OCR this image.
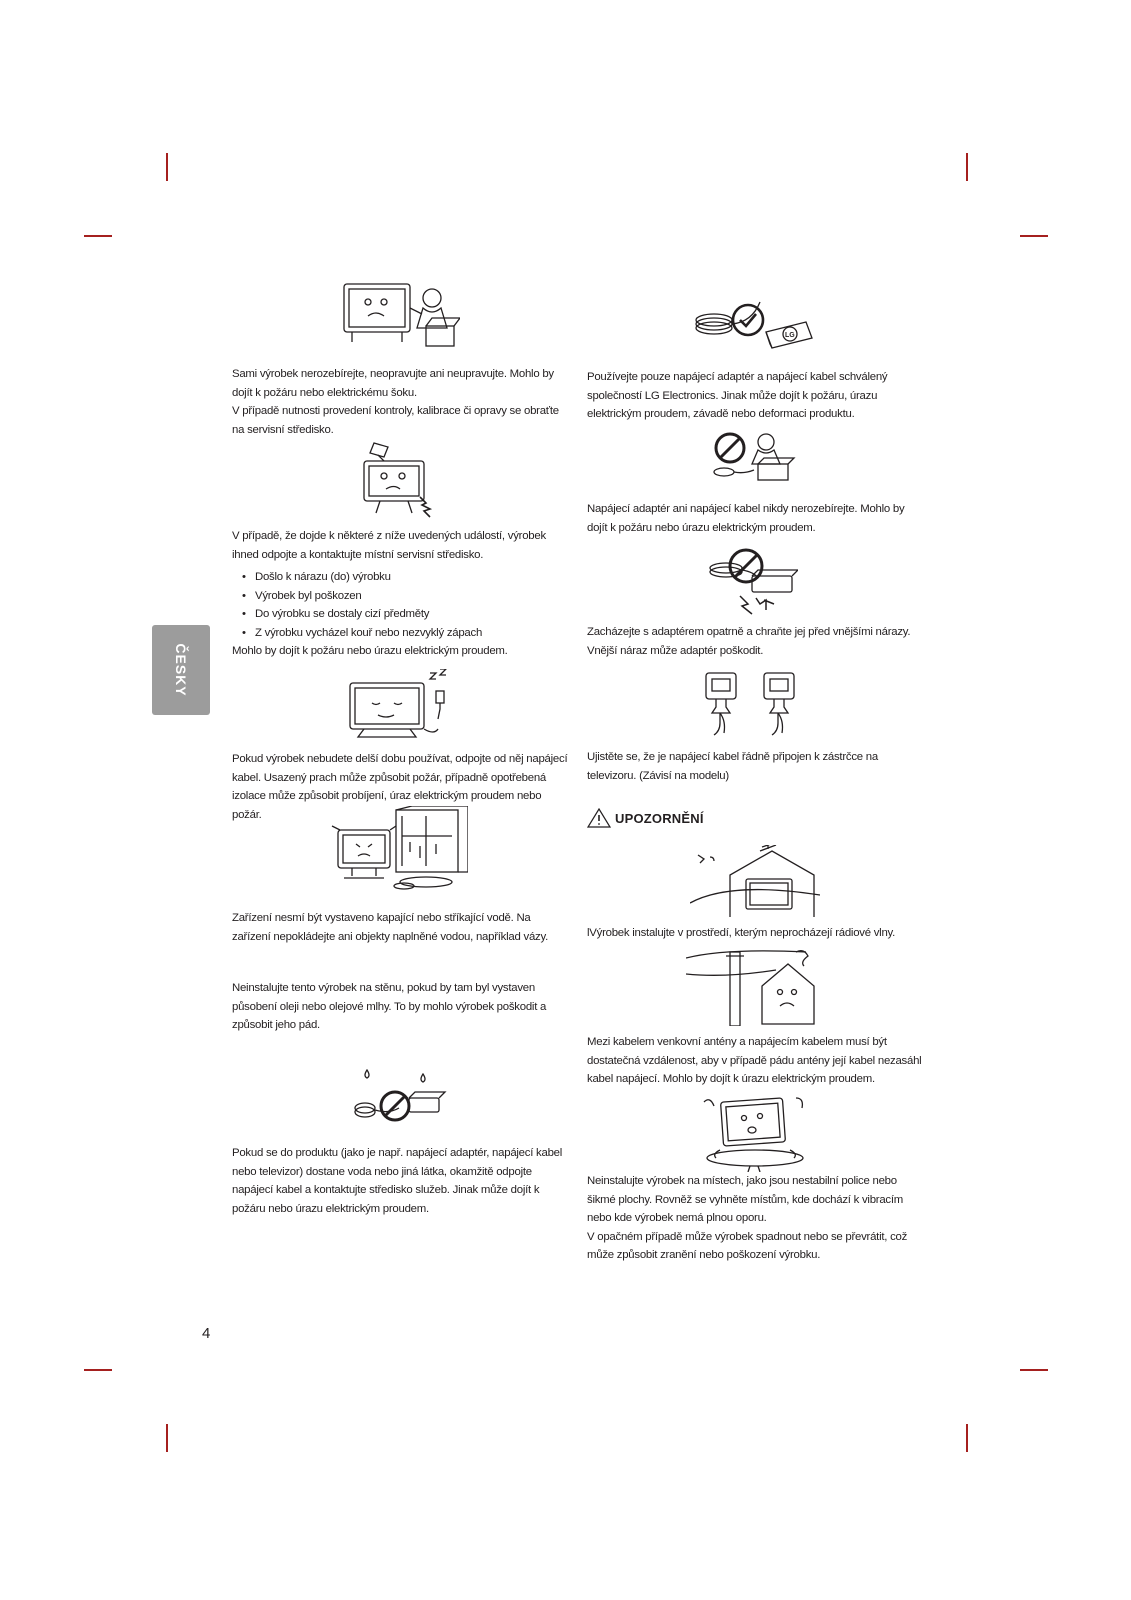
ČESKY

Sami výrobek nerozebírejte, neopravujte ani neupravujte. Mohlo by dojít k požáru nebo elektrickému šoku.

V případě nutnosti provedení kontroly, kalibrace či opravy se obraťte na servisní středisko.

V případě, že dojde k některé z níže uvedených událostí, výrobek ihned odpojte a kontaktujte místní servisní středisko.

• Došlo k nárazu (do) výrobku
• Výrobek byl poškozen
• Do výrobku se dostaly cizí předměty
• Z výrobku vycházel kouř nebo nezvyklý zápach

Mohlo by dojít k požáru nebo úrazu elektrickým proudem.

Pokud výrobek nebudete delší dobu používat, odpojte od něj napájecí kabel. Usazený prach může způsobit požár, případně opotřebená izolace může způsobit probíjení, úraz elektrickým proudem nebo požár.

Zařízení nesmí být vystaveno kapající nebo stříkající vodě. Na zařízení nepokládejte ani objekty naplněné vodou, například vázy.

Neinstalujte tento výrobek na stěnu, pokud by tam byl vystaven působení oleji nebo olejové mlhy. To by mohlo výrobek poškodit a způsobit jeho pád.

Pokud se do produktu (jako je např. napájecí adaptér, napájecí kabel nebo televizor) dostane voda nebo jiná látka, okamžitě odpojte napájecí kabel a kontaktujte středisko služeb. Jinak může dojít k požáru nebo úrazu elektrickým proudem.

LG

Používejte pouze napájecí adaptér a napájecí kabel schválený společností LG Electronics. Jinak může dojít k požáru, úrazu elektrickým proudem, závadě nebo deformaci produktu.

Napájecí adaptér ani napájecí kabel nikdy nerozebírejte. Mohlo by dojít k požáru nebo úrazu elektrickým proudem.

Zacházejte s adaptérem opatrně a chraňte jej před vnějšími nárazy. Vnější náraz může adaptér poškodit.

Ujistěte se, že je napájecí kabel řádně připojen k zástrčce na televizoru. (Závisí na modelu)

UPOZORNĚNÍ

lVýrobek instalujte v prostředí, kterým neprocházejí rádiové vlny.

Mezi kabelem venkovní antény a napájecím kabelem musí být dostatečná vzdálenost, aby v případě pádu antény její kabel nezasáhl kabel napájecí. Mohlo by dojít k úrazu elektrickým proudem.

Neinstalujte výrobek na místech, jako jsou nestabilní police nebo šikmé plochy. Rovněž se vyhněte místům, kde dochází k vibracím nebo kde výrobek nemá plnou oporu.

V opačném případě může výrobek spadnout nebo se převrátit, což může způsobit zranění nebo poškození výrobku.

4
